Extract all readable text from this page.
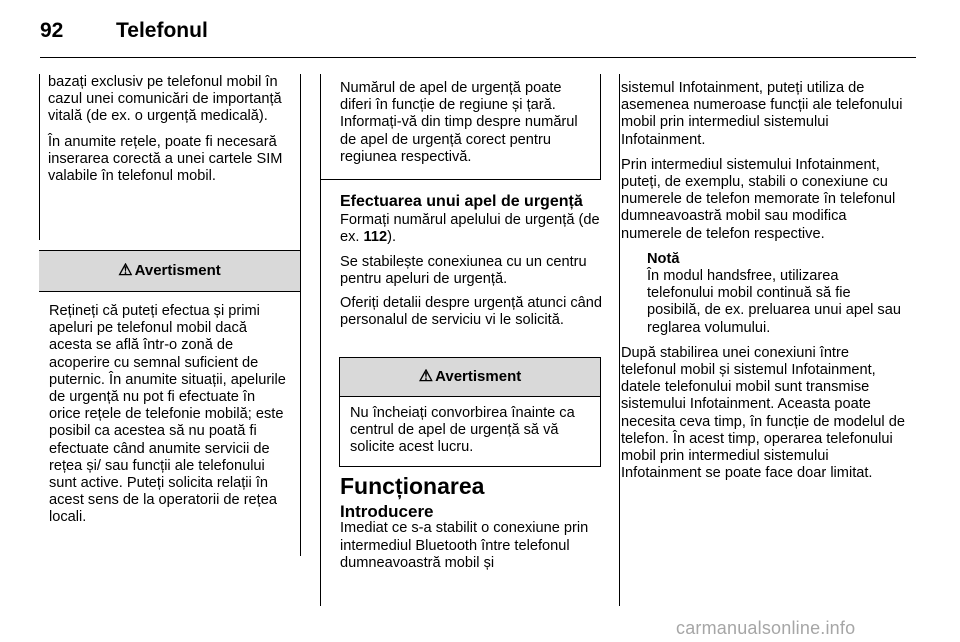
92	Telefonul

bazați exclusiv pe telefonul mobil în cazul unei comunicări de importanță vitală (de ex. o urgență medicală).

În anumite rețele, poate fi necesară inserarea corectă a unei cartele SIM valabile în telefonul mobil.

⚠ Avertisment
Rețineți că puteți efectua și primi apeluri pe telefonul mobil dacă acesta se află într-o zonă de acoperire cu semnal suficient de puternic. În anumite situații, apelurile de urgență nu pot fi efectuate în orice rețele de telefonie mobilă; este posibil ca acestea să nu poată fi efectuate când anumite servicii de rețea și/ sau funcții ale telefonului sunt active. Puteți solicita relații în acest sens de la operatorii de rețea locali.
Numărul de apel de urgență poate diferi în funcție de regiune și țară. Informați-vă din timp despre numărul de apel de urgență corect pentru regiunea respectivă.

Efectuarea unui apel de urgență

Formați numărul apelului de urgență (de ex. 112).

Se stabilește conexiunea cu un centru pentru apeluri de urgență.

Oferiți detalii despre urgență atunci când personalul de serviciu vi le solicită.

⚠ Avertisment
Nu încheiați convorbirea înainte ca centrul de apel de urgență să vă solicite acest lucru.

Funcționarea

Introducere

Imediat ce s-a stabilit o conexiune prin intermediul Bluetooth între telefonul dumneavoastră mobil și

sistemul Infotainment, puteți utiliza de asemenea numeroase funcții ale telefonului mobil prin intermediul sistemului Infotainment.

Prin intermediul sistemului Infotainment, puteți, de exemplu, stabili o conexiune cu numerele de telefon memorate în telefonul dumneavoastră mobil sau modifica numerele de telefon respective.

Notă
În modul handsfree, utilizarea telefonului mobil continuă să fie posibilă, de ex. preluarea unui apel sau reglarea volumului.

După stabilirea unei conexiuni între telefonul mobil și sistemul Infotainment, datele telefonului mobil sunt transmise sistemului Infotainment. Aceasta poate necesita ceva timp, în funcție de modelul de telefon. În acest timp, operarea telefonului mobil prin intermediul sistemului Infotainment se poate face doar limitat.

carmanualsonline.info
